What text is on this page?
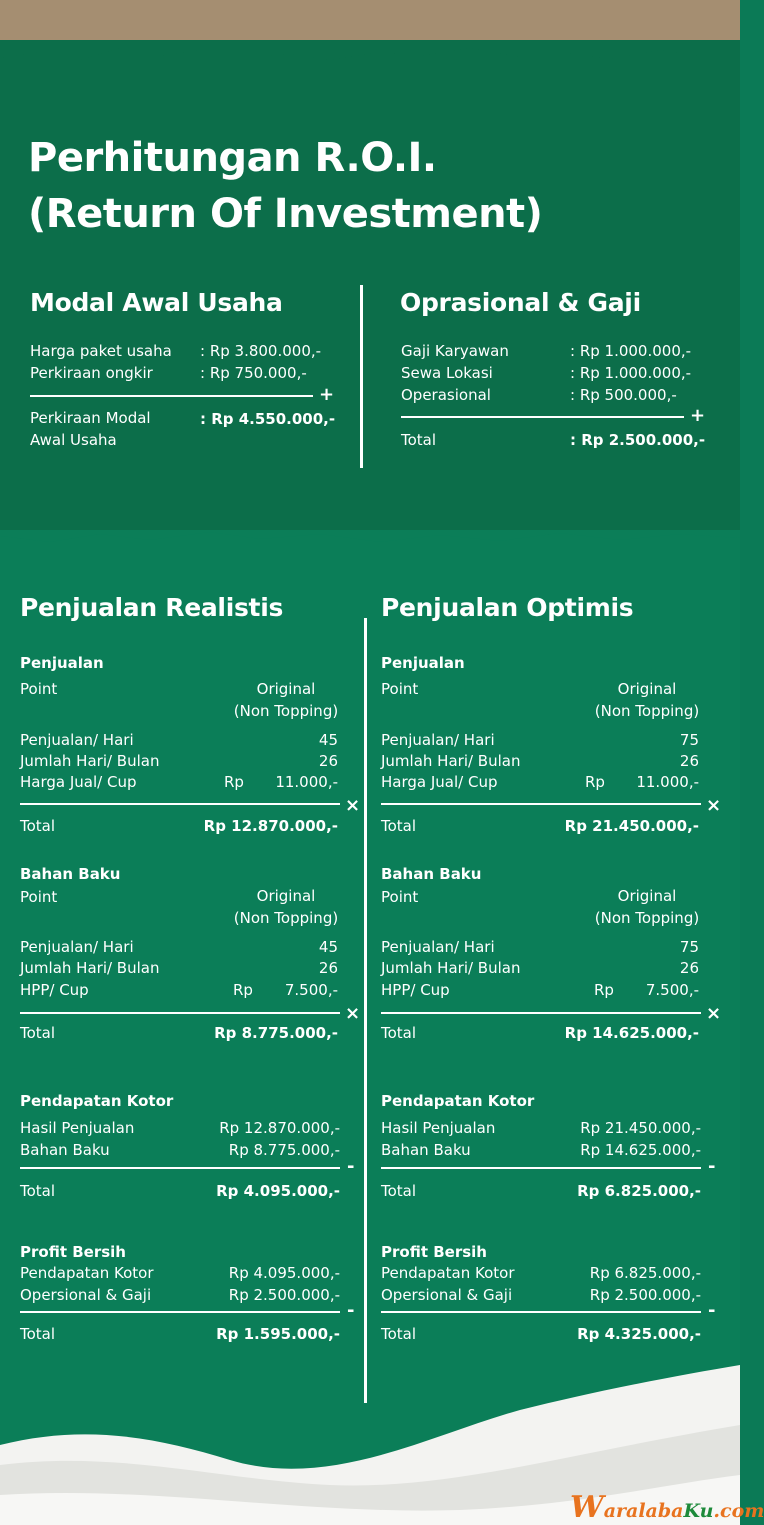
Perhitungan R.O.I.
(Return Of Investment)
Modal Awal Usaha
Harga paket usaha : Rp 3.800.000,-
Perkiraan ongkir	: Rp 750.000,-
+
Perkiraan Modal
Awal Usaha
: Rp 4.550.000,-
Oprasional & Gaji
Gaji Karyawan	: Rp 1.000.000,-
Sewa Lokasi	: Rp 1.000.000,-
Operasional	: Rp 500.000,-
+
Total	: Rp 2.500.000,-
Penjualan Realistis	Penjualan Optimis
Penjualan
Point	Original
(Non Topping)
Penjualan/ Hari	45
Jumlah Hari/ Bulan	26
Harga Jual/ Cup	Rp	11.000,-
×
Total	Rp 12.870.000,-
Bahan Baku
Point	Original
(Non Topping)
Penjualan/ Hari	45
Jumlah Hari/ Bulan	26
HPP/ Cup	Rp	7.500,-
×
Total	Rp 8.775.000,-
Pendapatan Kotor
Hasil Penjualan	Rp 12.870.000,-
Bahan Baku	Rp 8.775.000,-
-
Total	Rp 4.095.000,-
Profit Bersih
Pendapatan Kotor	Rp 4.095.000,-
Opersional & Gaji	Rp 2.500.000,-
-
Total	Rp 1.595.000,-
Penjualan
Point	Original
(Non Topping)
Penjualan/ Hari	75
Jumlah Hari/ Bulan	26
Harga Jual/ Cup	Rp	11.000,-
×
Total	Rp 21.450.000,-
Bahan Baku
Point	Original
(Non Topping)
Penjualan/ Hari	75
Jumlah Hari/ Bulan	26
HPP/ Cup	Rp	7.500,-
×
Total	Rp 14.625.000,-
Pendapatan Kotor
Hasil Penjualan	Rp 21.450.000,-
Bahan Baku	Rp 14.625.000,-
-
Total	Rp 6.825.000,-
Profit Bersih
Pendapatan Kotor	Rp 6.825.000,-
Opersional & Gaji	Rp 2.500.000,-
-
Total	Rp 4.325.000,-
WaralabaKu.com
